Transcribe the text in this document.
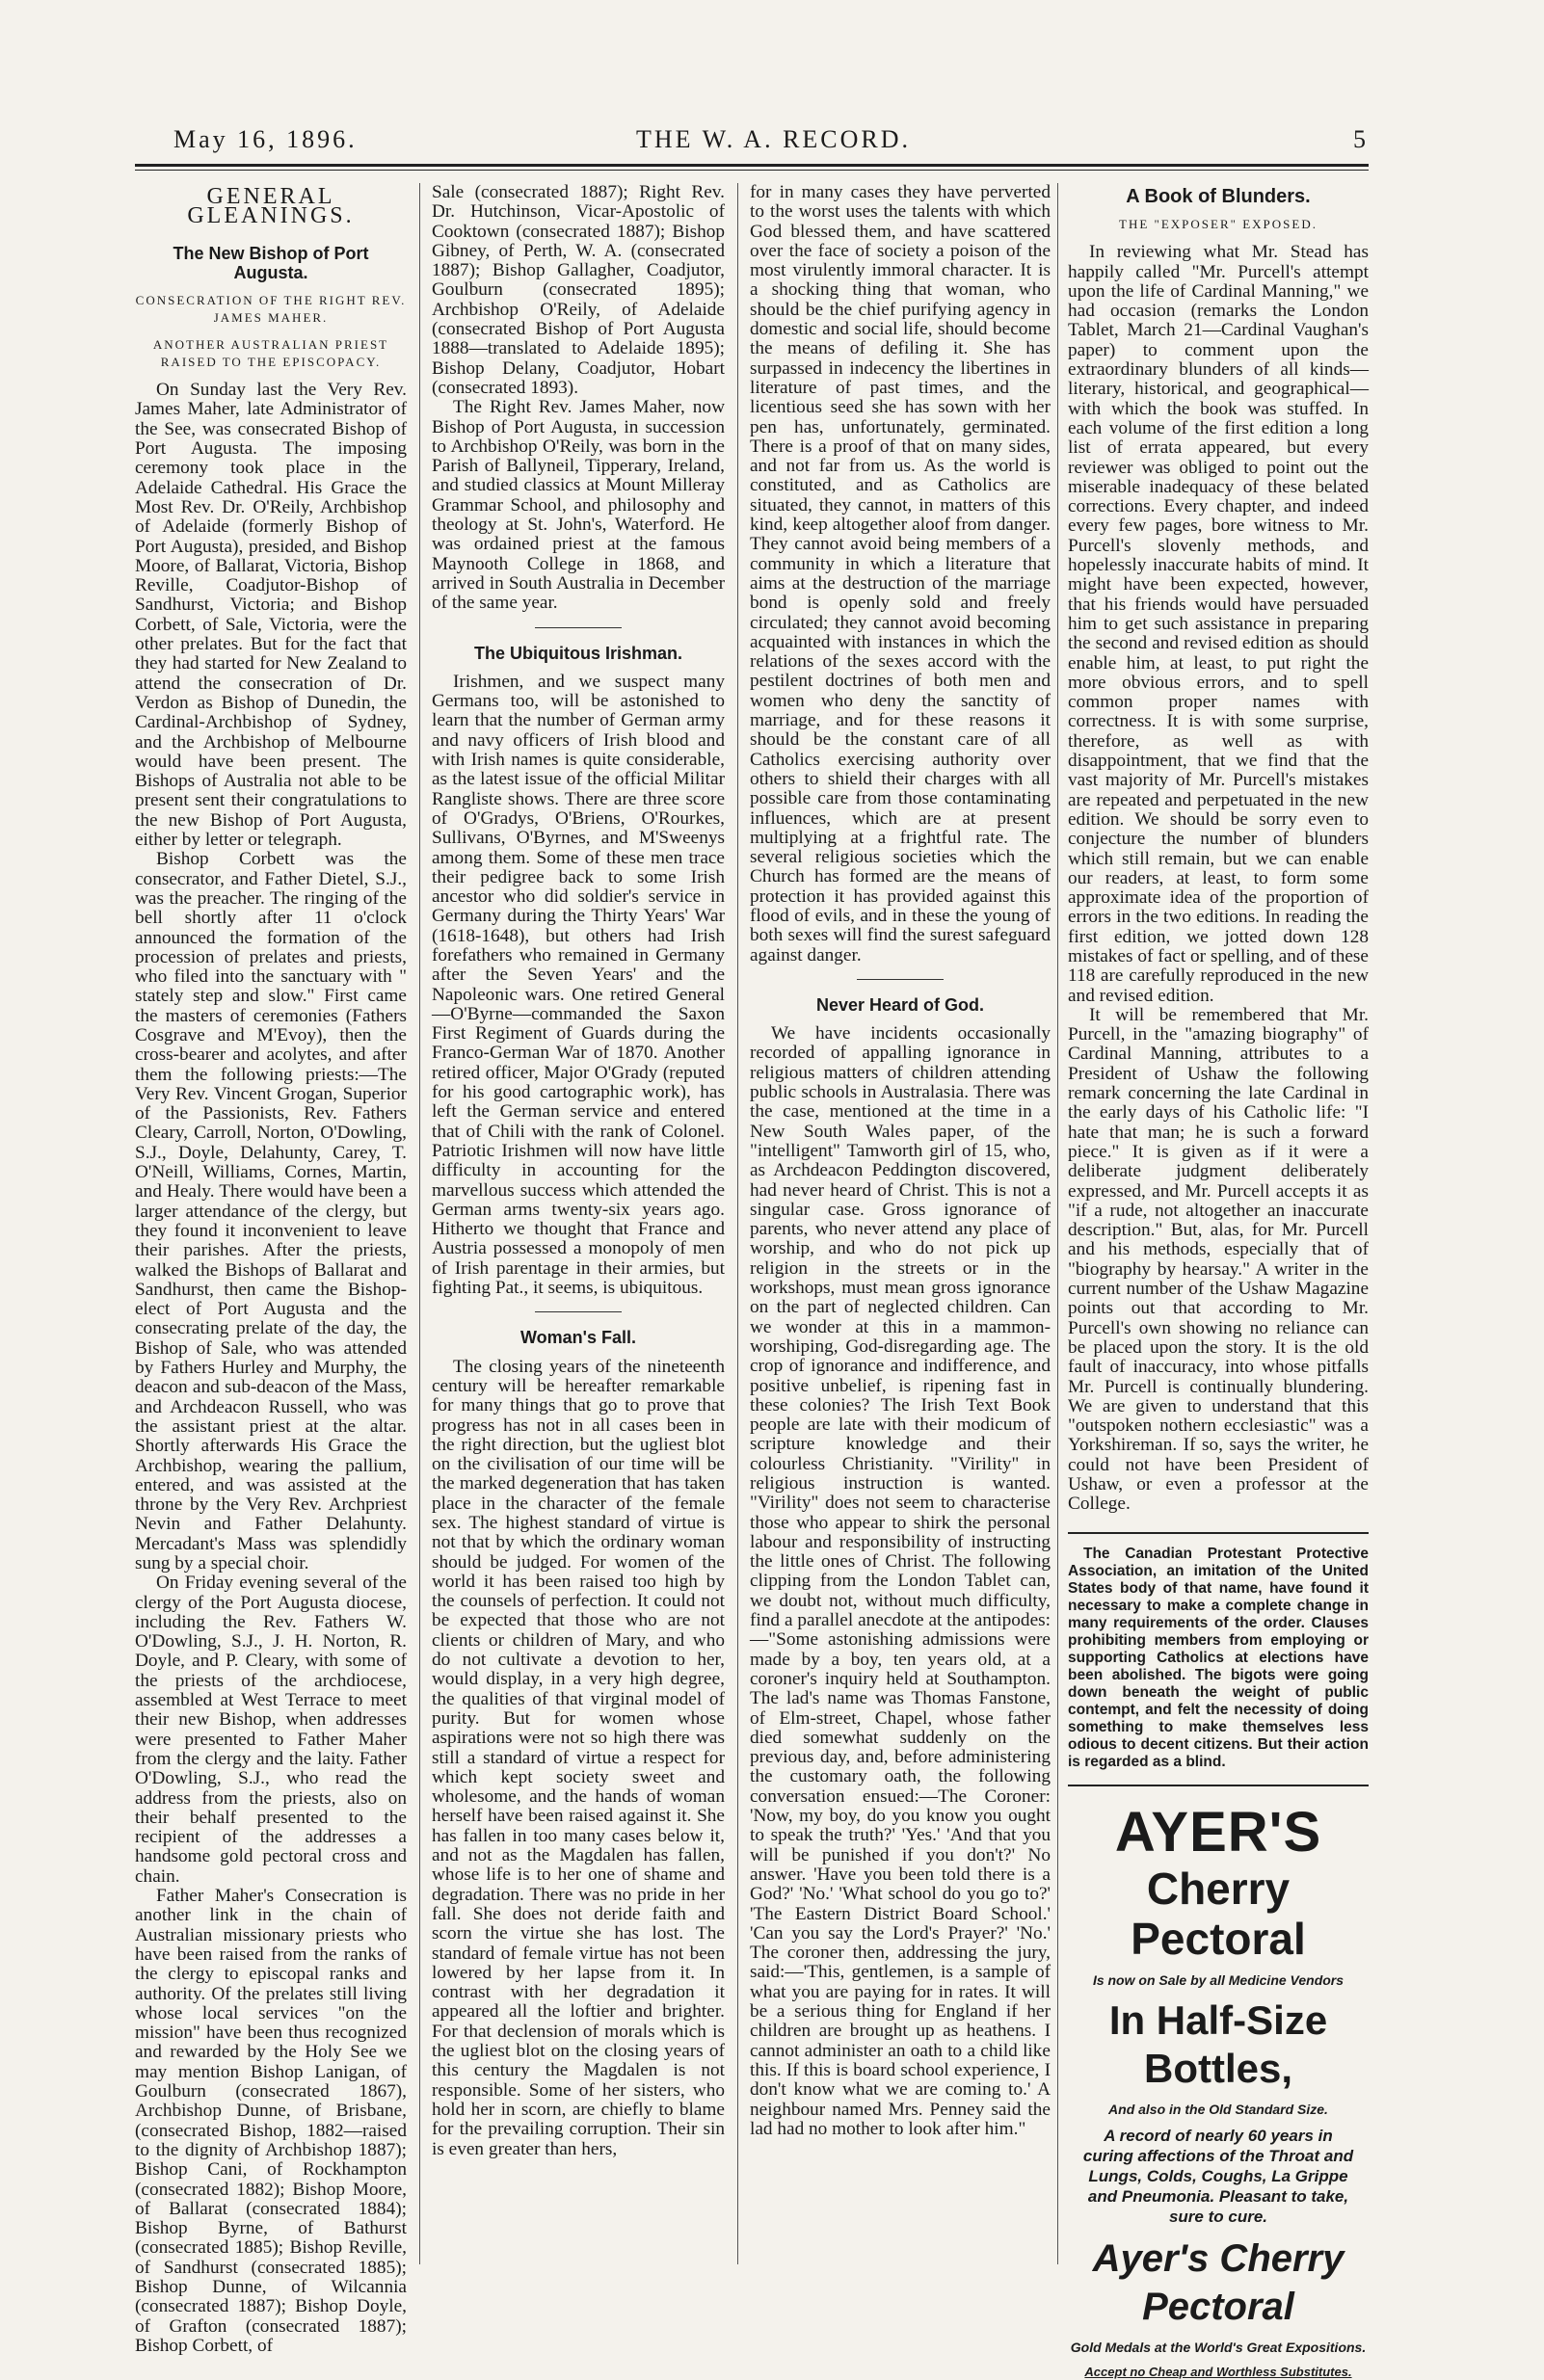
May 16, 1896.	THE W. A. RECORD.	5
GENERAL GLEANINGS.
The New Bishop of Port Augusta.
CONSECRATION OF THE RIGHT REV. JAMES MAHER.
ANOTHER AUSTRALIAN PRIEST RAISED TO THE EPISCOPACY.

On Sunday last the Very Rev. James Maher, late Administrator of the See, was consecrated Bishop of Port Augusta. The imposing ceremony took place in the Adelaide Cathedral. His Grace the Most Rev. Dr. O'Reily, Archbishop of Adelaide (formerly Bishop of Port Augusta), presided, and Bishop Moore, of Ballarat, Victoria, Bishop Reville, Coadjutor-Bishop of Sandhurst, Victoria; and Bishop Corbett, of Sale, Victoria, were the other prelates. But for the fact that they had started for New Zealand to attend the consecration of Dr. Verdon as Bishop of Dunedin, the Cardinal-Archbishop of Sydney, and the Archbishop of Melbourne would have been present. The Bishops of Australia not able to be present sent their congratulations to the new Bishop of Port Augusta, either by letter or telegraph.

Bishop Corbett was the consecrator, and Father Dietel, S.J., was the preacher. The ringing of the bell shortly after 11 o'clock announced the formation of the procession of prelates and priests, who filed into the sanctuary with " stately step and slow." First came the masters of ceremonies (Fathers Cosgrave and M'Evoy), then the cross-bearer and acolytes, and after them the following priests:—The Very Rev. Vincent Grogan, Superior of the Passionists, Rev. Fathers Cleary, Carroll, Norton, O'Dowling, S.J., Doyle, Delahunty, Carey, T. O'Neill, Williams, Cornes, Martin, and Healy. There would have been a larger attendance of the clergy, but they found it inconvenient to leave their parishes. After the priests, walked the Bishops of Ballarat and Sandhurst, then came the Bishop-elect of Port Augusta and the consecrating prelate of the day, the Bishop of Sale, who was attended by Fathers Hurley and Murphy, the deacon and sub-deacon of the Mass, and Archdeacon Russell, who was the assistant priest at the altar. Shortly afterwards His Grace the Archbishop, wearing the pallium, entered, and was assisted at the throne by the Very Rev. Archpriest Nevin and Father Delahunty. Mercadant's Mass was splendidly sung by a special choir.

On Friday evening several of the clergy of the Port Augusta diocese, including the Rev. Fathers W. O'Dowling, S.J., J. H. Norton, R. Doyle, and P. Cleary, with some of the priests of the archdiocese, assembled at West Terrace to meet their new Bishop, when addresses were presented to Father Maher from the clergy and the laity. Father O'Dowling, S.J., who read the address from the priests, also on their behalf presented to the recipient of the addresses a handsome gold pectoral cross and chain.

Father Maher's Consecration is another link in the chain of Australian missionary priests who have been raised from the ranks of the clergy to episcopal ranks and authority. Of the prelates still living whose local services "on the mission" have been thus recognized and rewarded by the Holy See we may mention Bishop Lanigan, of Goulburn (consecrated 1867), Archbishop Dunne, of Brisbane, (consecrated Bishop, 1882—raised to the dignity of Archbishop 1887); Bishop Cani, of Rockhampton (consecrated 1882); Bishop Moore, of Ballarat (consecrated 1884); Bishop Byrne, of Bathurst (consecrated 1885); Bishop Reville, of Sandhurst (consecrated 1885); Bishop Dunne, of Wilcannia (consecrated 1887); Bishop Doyle, of Grafton (consecrated 1887); Bishop Corbett, of

Sale (consecrated 1887); Right Rev. Dr. Hutchinson, Vicar-Apostolic of Cooktown (consecrated 1887); Bishop Gibney, of Perth, W. A. (consecrated 1887); Bishop Gallagher, Coadjutor, Goulburn (consecrated 1895); Archbishop O'Reily, of Adelaide (consecrated Bishop of Port Augusta 1888—translated to Adelaide 1895); Bishop Delany, Coadjutor, Hobart (consecrated 1893).

The Right Rev. James Maher, now Bishop of Port Augusta, in succession to Archbishop O'Reily, was born in the Parish of Ballyneil, Tipperary, Ireland, and studied classics at Mount Milleray Grammar School, and philosophy and theology at St. John's, Waterford. He was ordained priest at the famous Maynooth College in 1868, and arrived in South Australia in December of the same year.

The Ubiquitous Irishman.

Irishmen, and we suspect many Germans too, will be astonished to learn that the number of German army and navy officers of Irish blood and with Irish names is quite considerable, as the latest issue of the official Militar Rangliste shows. There are three score of O'Gradys, O'Briens, O'Rourkes, Sullivans, O'Byrnes, and M'Sweenys among them. Some of these men trace their pedigree back to some Irish ancestor who did soldier's service in Germany during the Thirty Years' War (1618-1648), but others had Irish forefathers who remained in Germany after the Seven Years' and the Napoleonic wars. One retired General—O'Byrne—commanded the Saxon First Regiment of Guards during the Franco-German War of 1870. Another retired officer, Major O'Grady (reputed for his good cartographic work), has left the German service and entered that of Chili with the rank of Colonel. Patriotic Irishmen will now have little difficulty in accounting for the marvellous success which attended the German arms twenty-six years ago. Hitherto we thought that France and Austria possessed a monopoly of men of Irish parentage in their armies, but fighting Pat., it seems, is ubiquitous.

Woman's Fall.

The closing years of the nineteenth century will be hereafter remarkable for many things that go to prove that progress has not in all cases been in the right direction, but the ugliest blot on the civilisation of our time will be the marked degeneration that has taken place in the character of the female sex. The highest standard of virtue is not that by which the ordinary woman should be judged. For women of the world it has been raised too high by the counsels of perfection. It could not be expected that those who are not clients or children of Mary, and who do not cultivate a devotion to her, would display, in a very high degree, the qualities of that virginal model of purity. But for women whose aspirations were not so high there was still a standard of virtue a respect for which kept society sweet and wholesome, and the hands of woman herself have been raised against it. She has fallen in too many cases below it, and not as the Magdalen has fallen, whose life is to her one of shame and degradation. There was no pride in her fall. She does not deride faith and scorn the virtue she has lost. The standard of female virtue has not been lowered by her lapse from it. In contrast with her degradation it appeared all the loftier and brighter. For that declension of morals which is the ugliest blot on the closing years of this century the Magdalen is not responsible. Some of her sisters, who hold her in scorn, are chiefly to blame for the prevailing corruption. Their sin is even greater than hers,

for in many cases they have perverted to the worst uses the talents with which God blessed them, and have scattered over the face of society a poison of the most virulently immoral character. It is a shocking thing that woman, who should be the chief purifying agency in domestic and social life, should become the means of defiling it. She has surpassed in indecency the libertines in literature of past times, and the licentious seed she has sown with her pen has, unfortunately, germinated. There is a proof of that on many sides, and not far from us. As the world is constituted, and as Catholics are situated, they cannot, in matters of this kind, keep altogether aloof from danger. They cannot avoid being members of a community in which a literature that aims at the destruction of the marriage bond is openly sold and freely circulated; they cannot avoid becoming acquainted with instances in which the relations of the sexes accord with the pestilent doctrines of both men and women who deny the sanctity of marriage, and for these reasons it should be the constant care of all Catholics exercising authority over others to shield their charges with all possible care from those contaminating influences, which are at present multiplying at a frightful rate. The several religious societies which the Church has formed are the means of protection it has provided against this flood of evils, and in these the young of both sexes will find the surest safeguard against danger.

Never Heard of God.

We have incidents occasionally recorded of appalling ignorance in religious matters of children attending public schools in Australasia. There was the case, mentioned at the time in a New South Wales paper, of the "intelligent" Tamworth girl of 15, who, as Archdeacon Peddington discovered, had never heard of Christ. This is not a singular case. Gross ignorance of parents, who never attend any place of worship, and who do not pick up religion in the streets or in the workshops, must mean gross ignorance on the part of neglected children. Can we wonder at this in a mammon-worshiping, God-disregarding age. The crop of ignorance and indifference, and positive unbelief, is ripening fast in these colonies? The Irish Text Book people are late with their modicum of scripture knowledge and their colourless Christianity. "Virility" in religious instruction is wanted. "Virility" does not seem to characterise those who appear to shirk the personal labour and responsibility of instructing the little ones of Christ. The following clipping from the London Tablet can, we doubt not, without much difficulty, find a parallel anecdote at the antipodes:—"Some astonishing admissions were made by a boy, ten years old, at a coroner's inquiry held at Southampton. The lad's name was Thomas Fanstone, of Elm-street, Chapel, whose father died somewhat suddenly on the previous day, and, before administering the customary oath, the following conversation ensued:—The Coroner: 'Now, my boy, do you know you ought to speak the truth?' 'Yes.' 'And that you will be punished if you don't?' No answer. 'Have you been told there is a God?' 'No.' 'What school do you go to?' 'The Eastern District Board School.' 'Can you say the Lord's Prayer?' 'No.' The coroner then, addressing the jury, said:—'This, gentlemen, is a sample of what you are paying for in rates. It will be a serious thing for England if her children are brought up as heathens. I cannot administer an oath to a child like this. If this is board school experience, I don't know what we are coming to.' A neighbour named Mrs. Penney said the lad had no mother to look after him."

A Book of Blunders.
THE "EXPOSER" EXPOSED.

In reviewing what Mr. Stead has happily called "Mr. Purcell's attempt upon the life of Cardinal Manning," we had occasion (remarks the London Tablet, March 21—Cardinal Vaughan's paper) to comment upon the extraordinary blunders of all kinds—literary, historical, and geographical—with which the book was stuffed. In each volume of the first edition a long list of errata appeared, but every reviewer was obliged to point out the miserable inadequacy of these belated corrections. Every chapter, and indeed every few pages, bore witness to Mr. Purcell's slovenly methods, and hopelessly inaccurate habits of mind. It might have been expected, however, that his friends would have persuaded him to get such assistance in preparing the second and revised edition as should enable him, at least, to put right the more obvious errors, and to spell common proper names with correctness. It is with some surprise, therefore, as well as with disappointment, that we find that the vast majority of Mr. Purcell's mistakes are repeated and perpetuated in the new edition. We should be sorry even to conjecture the number of blunders which still remain, but we can enable our readers, at least, to form some approximate idea of the proportion of errors in the two editions. In reading the first edition, we jotted down 128 mistakes of fact or spelling, and of these 118 are carefully reproduced in the new and revised edition.

It will be remembered that Mr. Purcell, in the "amazing biography" of Cardinal Manning, attributes to a President of Ushaw the following remark concerning the late Cardinal in the early days of his Catholic life: "I hate that man; he is such a forward piece." It is given as if it were a deliberate judgment deliberately expressed, and Mr. Purcell accepts it as "if a rude, not altogether an inaccurate description." But, alas, for Mr. Purcell and his methods, especially that of "biography by hearsay." A writer in the current number of the Ushaw Magazine points out that according to Mr. Purcell's own showing no reliance can be placed upon the story. It is the old fault of inaccuracy, into whose pitfalls Mr. Purcell is continually blundering. We are given to understand that this "outspoken nothern ecclesiastic" was a Yorkshireman. If so, says the writer, he could not have been President of Ushaw, or even a professor at the College.

The Canadian Protestant Protective Association, an imitation of the United States body of that name, have found it necessary to make a complete change in many requirements of the order. Clauses prohibiting members from employing or supporting Catholics at elections have been abolished. The bigots were going down beneath the weight of public contempt, and felt the necessity of doing something to make themselves less odious to decent citizens. But their action is regarded as a blind.

AYER'S
Cherry Pectoral
Is now on Sale by all Medicine Vendors
In Half-Size Bottles,
And also in the Old Standard Size.
A record of nearly 60 years in curing affections of the Throat and Lungs, Colds, Coughs, La Grippe and Pneumonia. Pleasant to take, sure to cure.
Ayer's Cherry Pectoral
Gold Medals at the World's Great Expositions.
Accept no Cheap and Worthless Substitutes.
